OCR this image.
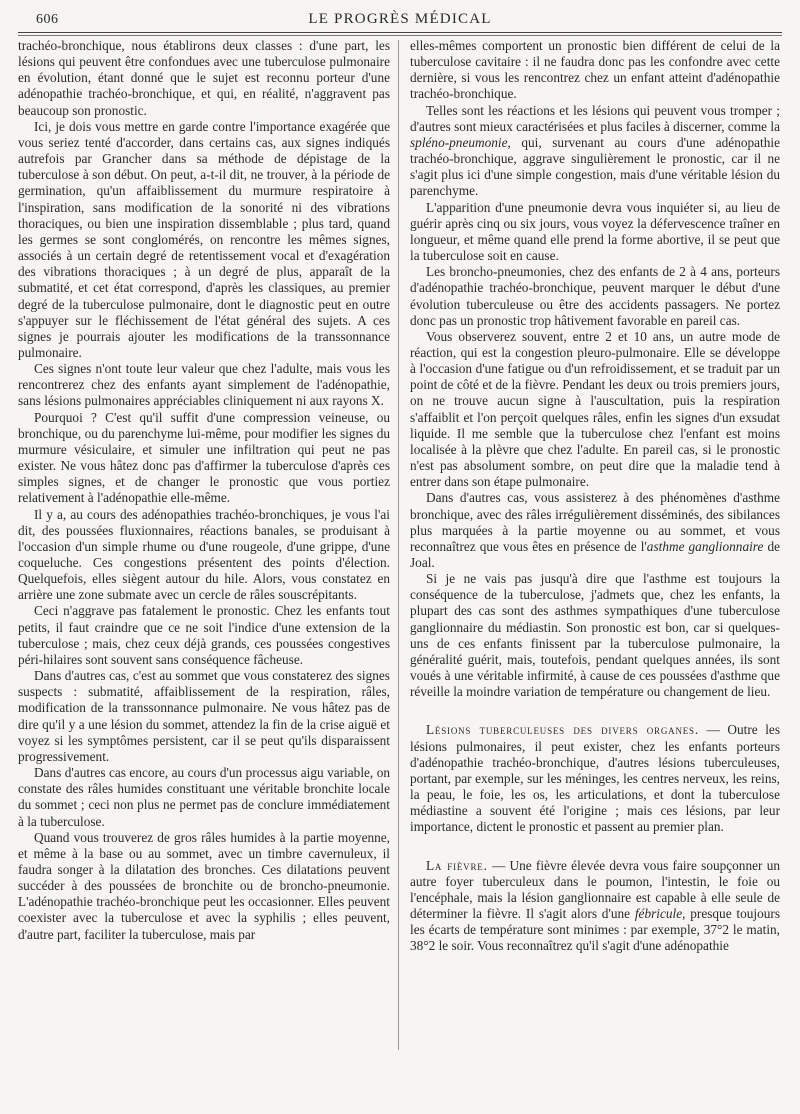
606	LE PROGRÈS MÉDICAL

trachéo-bronchique, nous établirons deux classes : d'une part, les lésions qui peuvent être confondues avec une tuberculose pulmonaire en évolution, étant donné que le sujet est reconnu porteur d'une adénopathie trachéo-bronchique, et qui, en réalité, n'aggravent pas beaucoup son pronostic.

Ici, je dois vous mettre en garde contre l'importance exagérée que vous seriez tenté d'accorder, dans certains cas, aux signes indiqués autrefois par Grancher dans sa méthode de dépistage de la tuberculose à son début. On peut, a-t-il dit, ne trouver, à la période de germination, qu'un affaiblissement du murmure respiratoire à l'inspiration, sans modification de la sonorité ni des vibrations thoraciques, ou bien une inspiration dissemblable ; plus tard, quand les germes se sont conglomérés, on rencontre les mêmes signes, associés à un certain degré de retentissement vocal et d'exagération des vibrations thoraciques ; à un degré de plus, apparaît de la submatité, et cet état correspond, d'après les classiques, au premier degré de la tuberculose pulmonaire, dont le diagnostic peut en outre s'appuyer sur le fléchissement de l'état général des sujets. A ces signes je pourrais ajouter les modifications de la transsonnance pulmonaire.

Ces signes n'ont toute leur valeur que chez l'adulte, mais vous les rencontrerez chez des enfants ayant simplement de l'adénopathie, sans lésions pulmonaires appréciables cliniquement ni aux rayons X.

Pourquoi ? C'est qu'il suffit d'une compression veineuse, ou bronchique, ou du parenchyme lui-même, pour modifier les signes du murmure vésiculaire, et simuler une infiltration qui peut ne pas exister. Ne vous hâtez donc pas d'affirmer la tuberculose d'après ces simples signes, et de changer le pronostic que vous portiez relativement à l'adénopathie elle-même.

Il y a, au cours des adénopathies trachéo-bronchiques, je vous l'ai dit, des poussées fluxionnaires, réactions banales, se produisant à l'occasion d'un simple rhume ou d'une rougeole, d'une grippe, d'une coqueluche. Ces congestions présentent des points d'élection. Quelquefois, elles siègent autour du hile. Alors, vous constatez en arrière une zone submate avec un cercle de râles souscrépitants.

Ceci n'aggrave pas fatalement le pronostic. Chez les enfants tout petits, il faut craindre que ce ne soit l'indice d'une extension de la tuberculose ; mais, chez ceux déjà grands, ces poussées congestives péri-hilaires sont souvent sans conséquence fâcheuse.

Dans d'autres cas, c'est au sommet que vous constaterez des signes suspects : submatité, affaiblissement de la respiration, râles, modification de la transsonnance pulmonaire. Ne vous hâtez pas de dire qu'il y a une lésion du sommet, attendez la fin de la crise aiguë et voyez si les symptômes persistent, car il se peut qu'ils disparaissent progressivement.

Dans d'autres cas encore, au cours d'un processus aigu variable, on constate des râles humides constituant une véritable bronchite locale du sommet ; ceci non plus ne permet pas de conclure immédiatement à la tuberculose.

Quand vous trouverez de gros râles humides à la partie moyenne, et même à la base ou au sommet, avec un timbre cavernuleux, il faudra songer à la dilatation des bronches. Ces dilatations peuvent succéder à des poussées de bronchite ou de broncho-pneumonie. L'adénopathie trachéo-bronchique peut les occasionner. Elles peuvent coexister avec la tuberculose et avec la syphilis ; elles peuvent, d'autre part, faciliter la tuberculose, mais par

elles-mêmes comportent un pronostic bien différent de celui de la tuberculose cavitaire : il ne faudra donc pas les confondre avec cette dernière, si vous les rencontrez chez un enfant atteint d'adénopathie trachéo-bronchique.

Telles sont les réactions et les lésions qui peuvent vous tromper ; d'autres sont mieux caractérisées et plus faciles à discerner, comme la spléno-pneumonie, qui, survenant au cours d'une adénopathie trachéo-bronchique, aggrave singulièrement le pronostic, car il ne s'agit plus ici d'une simple congestion, mais d'une véritable lésion du parenchyme.

L'apparition d'une pneumonie devra vous inquiéter si, au lieu de guérir après cinq ou six jours, vous voyez la défervescence traîner en longueur, et même quand elle prend la forme abortive, il se peut que la tuberculose soit en cause.

Les broncho-pneumonies, chez des enfants de 2 à 4 ans, porteurs d'adénopathie trachéo-bronchique, peuvent marquer le début d'une évolution tuberculeuse ou être des accidents passagers. Ne portez donc pas un pronostic trop hâtivement favorable en pareil cas.

Vous observerez souvent, entre 2 et 10 ans, un autre mode de réaction, qui est la congestion pleuro-pulmonaire. Elle se développe à l'occasion d'une fatigue ou d'un refroidissement, et se traduit par un point de côté et de la fièvre. Pendant les deux ou trois premiers jours, on ne trouve aucun signe à l'auscultation, puis la respiration s'affaiblit et l'on perçoit quelques râles, enfin les signes d'un exsudat liquide. Il me semble que la tuberculose chez l'enfant est moins localisée à la plèvre que chez l'adulte. En pareil cas, si le pronostic n'est pas absolument sombre, on peut dire que la maladie tend à entrer dans son étape pulmonaire.

Dans d'autres cas, vous assisterez à des phénomènes d'asthme bronchique, avec des râles irrégulièrement disséminés, des sibilances plus marquées à la partie moyenne ou au sommet, et vous reconnaîtrez que vous êtes en présence de l'asthme ganglionnaire de Joal.

Si je ne vais pas jusqu'à dire que l'asthme est toujours la conséquence de la tuberculose, j'admets que, chez les enfants, la plupart des cas sont des asthmes sympathiques d'une tuberculose ganglionnaire du médiastin. Son pronostic est bon, car si quelques-uns de ces enfants finissent par la tuberculose pulmonaire, la généralité guérit, mais, toutefois, pendant quelques années, ils sont voués à une véritable infirmité, à cause de ces poussées d'asthme que réveille la moindre variation de température ou changement de lieu.

Lésions tuberculeuses des divers organes. — Outre les lésions pulmonaires, il peut exister, chez les enfants porteurs d'adénopathie trachéo-bronchique, d'autres lésions tuberculeuses, portant, par exemple, sur les méninges, les centres nerveux, les reins, la peau, le foie, les os, les articulations, et dont la tuberculose médiastine a souvent été l'origine ; mais ces lésions, par leur importance, dictent le pronostic et passent au premier plan.

La fièvre. — Une fièvre élevée devra vous faire soupçonner un autre foyer tuberculeux dans le poumon, l'intestin, le foie ou l'encéphale, mais la lésion ganglionnaire est capable à elle seule de déterminer la fièvre. Il s'agit alors d'une fébricule, presque toujours les écarts de température sont minimes : par exemple, 37°2 le matin, 38°2 le soir. Vous reconnaîtrez qu'il s'agit d'une adénopathie
